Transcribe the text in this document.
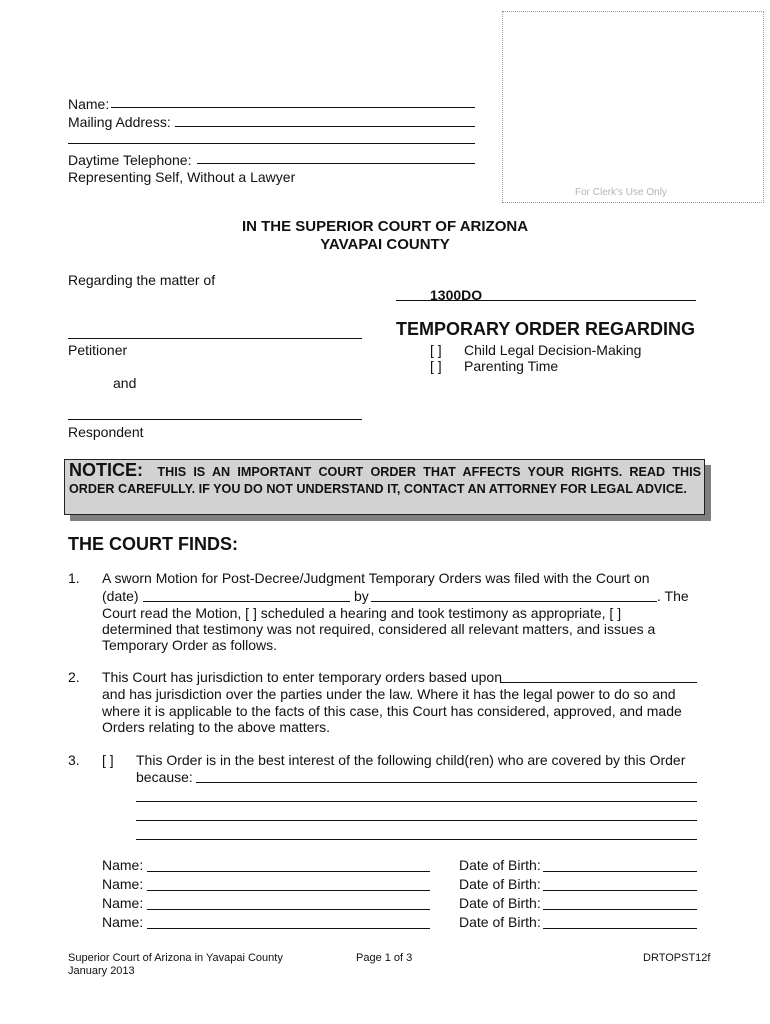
For Clerk's Use Only
Name:
Mailing Address:
Daytime Telephone:
Representing Self, Without a Lawyer
IN THE SUPERIOR COURT OF ARIZONA
YAVAPAI COUNTY
Regarding the matter of
1300DO
Petitioner
and
Respondent
TEMPORARY ORDER REGARDING
[ ] Child Legal Decision-Making
[ ] Parenting Time
NOTICE: THIS IS AN IMPORTANT COURT ORDER THAT AFFECTS YOUR RIGHTS. READ THIS ORDER CAREFULLY. IF YOU DO NOT UNDERSTAND IT, CONTACT AN ATTORNEY FOR LEGAL ADVICE.
THE COURT FINDS:
1. A sworn Motion for Post-Decree/Judgment Temporary Orders was filed with the Court on
(date)	by	. The
Court read the Motion, [ ] scheduled a hearing and took testimony as appropriate, [ ]
determined that testimony was not required, considered all relevant matters, and issues a
Temporary Order as follows.
2. This Court has jurisdiction to enter temporary orders based upon
and has jurisdiction over the parties under the law. Where it has the legal power to do so and
where it is applicable to the facts of this case, this Court has considered, approved, and made
Orders relating to the above matters.
3. [ ] This Order is in the best interest of the following child(ren) who are covered by this Order
because:
Name:	Date of Birth:
Name:	Date of Birth:
Name:	Date of Birth:
Name:	Date of Birth:
Superior Court of Arizona in Yavapai County
January 2013
Page 1 of 3	DRTOPST12f
